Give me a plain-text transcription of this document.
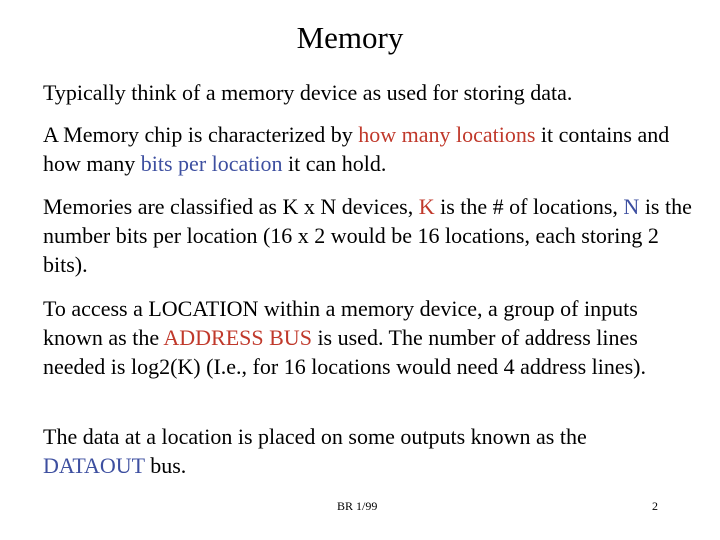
Memory

Typically think of a memory device as used for storing data.

A Memory chip is characterized by how many locations it contains and how many bits per location it can hold.

Memories are classified as K x N devices, K is the # of locations, N is the number bits per location (16 x 2 would be 16 locations, each storing 2 bits).

To access a LOCATION within a memory device, a group of inputs known as the ADDRESS BUS is used. The number of address lines needed is log2(K) (I.e., for 16 locations would need 4 address lines).

The data at a location is placed on some outputs known as the DATAOUT bus.

BR 1/99	2
